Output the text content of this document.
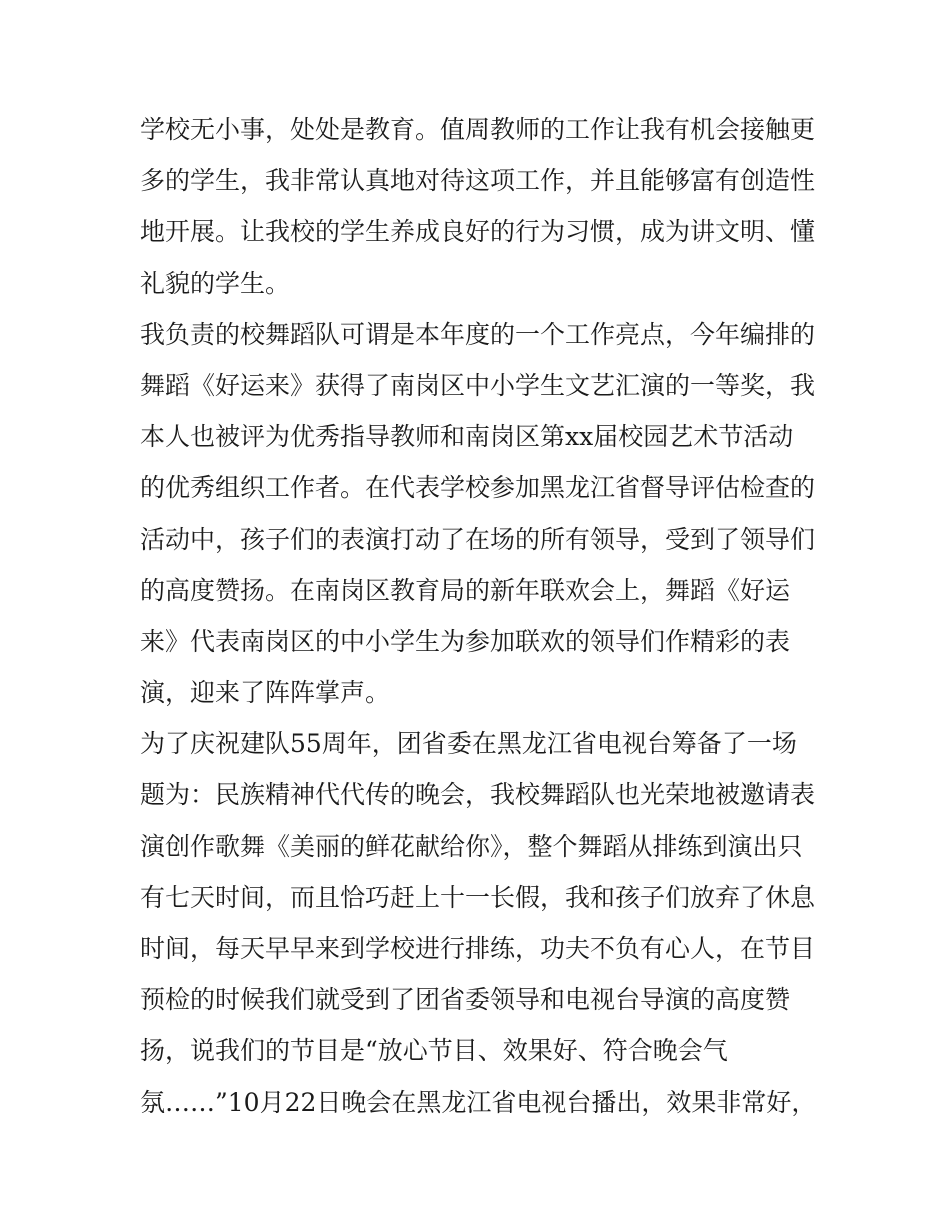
学校无小事，处处是教育。值周教师的工作让我有机会接触更
多的学生，我非常认真地对待这项工作，并且能够富有创造性
地开展。让我校的学生养成良好的行为习惯，成为讲文明、懂
礼貌的学生。
我负责的校舞蹈队可谓是本年度的一个工作亮点，今年编排的
舞蹈《好运来》获得了南岗区中小学生文艺汇演的一等奖，我
本人也被评为优秀指导教师和南岗区第xx届校园艺术节活动
的优秀组织工作者。在代表学校参加黑龙江省督导评估检查的
活动中，孩子们的表演打动了在场的所有领导，受到了领导们
的高度赞扬。在南岗区教育局的新年联欢会上，舞蹈《好运
来》代表南岗区的中小学生为参加联欢的领导们作精彩的表
演，迎来了阵阵掌声。
为了庆祝建队55周年，团省委在黑龙江省电视台筹备了一场
题为：民族精神代代传的晚会，我校舞蹈队也光荣地被邀请表
演创作歌舞《美丽的鲜花献给你》，整个舞蹈从排练到演出只
有七天时间，而且恰巧赶上十一长假，我和孩子们放弃了休息
时间，每天早早来到学校进行排练，功夫不负有心人，在节目
预检的时候我们就受到了团省委领导和电视台导演的高度赞
扬，说我们的节目是“放心节目、效果好、符合晚会气
氛……”10月22日晚会在黑龙江省电视台播出，效果非常好，
